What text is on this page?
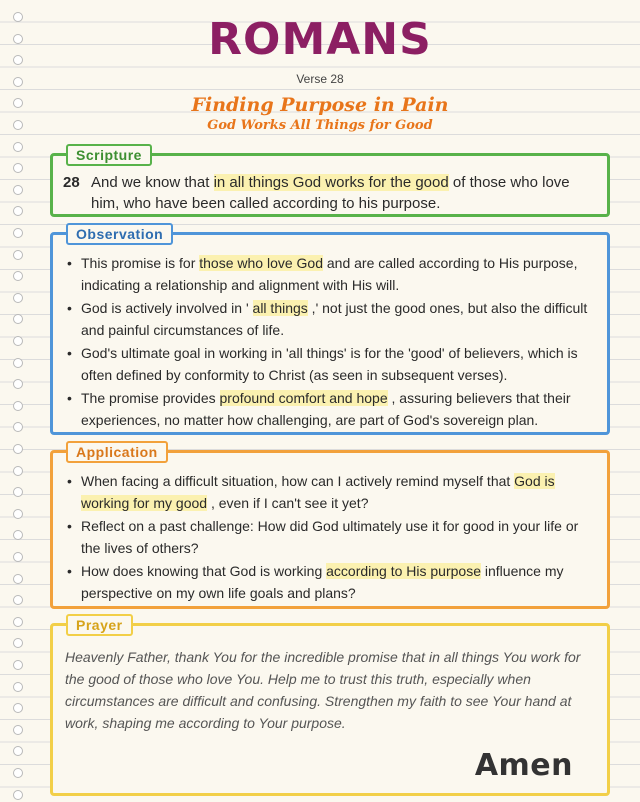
ROMANS
Verse 28
Finding Purpose in Pain
God Works All Things for Good
Scripture
28 And we know that in all things God works for the good of those who love him, who have been called according to his purpose.
Observation
• This promise is for those who love God and are called according to His purpose, indicating a relationship and alignment with His will.
• God is actively involved in ' all things ,' not just the good ones, but also the difficult and painful circumstances of life.
• God's ultimate goal in working in 'all things' is for the 'good' of believers, which is often defined by conformity to Christ (as seen in subsequent verses).
• The promise provides profound comfort and hope , assuring believers that their experiences, no matter how challenging, are part of God's sovereign plan.
Application
• When facing a difficult situation, how can I actively remind myself that God is working for my good , even if I can't see it yet?
• Reflect on a past challenge: How did God ultimately use it for good in your life or the lives of others?
• How does knowing that God is working according to His purpose influence my perspective on my own life goals and plans?
Prayer
Heavenly Father, thank You for the incredible promise that in all things You work for the good of those who love You. Help me to trust this truth, especially when circumstances are difficult and confusing. Strengthen my faith to see Your hand at work, shaping me according to Your purpose.
Amen
